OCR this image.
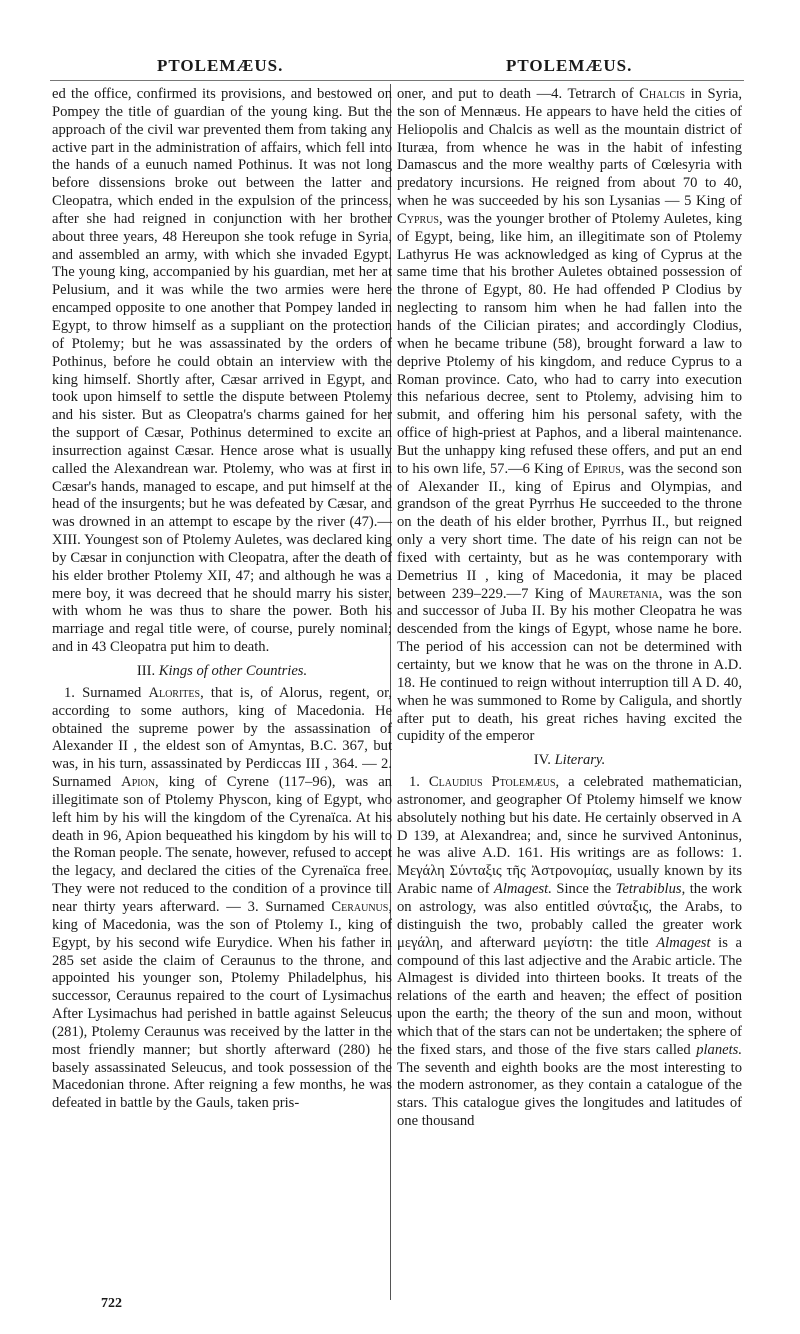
PTOLEMÆUS.	PTOLEMÆUS.

ed the office, confirmed its provisions, and bestowed on Pompey the title of guardian of the young king. But the approach of the civil war prevented them from taking any active part in the administration of affairs, which fell into the hands of a eunuch named Pothinus. It was not long before dissensions broke out between the latter and Cleopatra, which ended in the expulsion of the princess, after she had reigned in conjunction with her brother about three years, 48 Hereupon she took refuge in Syria, and assembled an army, with which she invaded Egypt. The young king, accompanied by his guardian, met her at Pelusium, and it was while the two armies were here encamped opposite to one another that Pompey landed in Egypt, to throw himself as a suppliant on the protection of Ptolemy; but he was assassinated by the orders of Pothinus, before he could obtain an interview with the king himself. Shortly after, Cæsar arrived in Egypt, and took upon himself to settle the dispute between Ptolemy and his sister. But as Cleopatra's charms gained for her the support of Cæsar, Pothinus determined to excite an insurrection against Cæsar. Hence arose what is usually called the Alexandrean war. Ptolemy, who was at first in Cæsar's hands, managed to escape, and put himself at the head of the insurgents; but he was defeated by Cæsar, and was drowned in an attempt to escape by the river (47).—XIII. Youngest son of Ptolemy Auletes, was declared king by Cæsar in conjunction with Cleopatra, after the death of his elder brother Ptolemy XII, 47; and although he was a mere boy, it was decreed that he should marry his sister, with whom he was thus to share the power. Both his marriage and regal title were, of course, purely nominal; and in 43 Cleopatra put him to death.

III. Kings of other Countries.

1. Surnamed Alorites, that is, of Alorus, regent, or, according to some authors, king of Macedonia. He obtained the supreme power by the assassination of Alexander II , the eldest son of Amyntas, B.C. 367, but was, in his turn, assassinated by Perdiccas III , 364. — 2. Surnamed Apion, king of Cyrene (117–96), was an illegitimate son of Ptolemy Physcon, king of Egypt, who left him by his will the kingdom of the Cyrenaïca. At his death in 96, Apion bequeathed his kingdom by his will to the Roman people. The senate, however, refused to accept the legacy, and declared the cities of the Cyrenaïca free. They were not reduced to the condition of a province till near thirty years afterward. — 3. Surnamed Ceraunus, king of Macedonia, was the son of Ptolemy I., king of Egypt, by his second wife Eurydice. When his father in 285 set aside the claim of Ceraunus to the throne, and appointed his younger son, Ptolemy Philadelphus, his successor, Ceraunus repaired to the court of Lysimachus After Lysimachus had perished in battle against Seleucus (281), Ptolemy Ceraunus was received by the latter in the most friendly manner; but shortly afterward (280) he basely assassinated Seleucus, and took possession of the Macedonian throne. After reigning a few months, he was defeated in battle by the Gauls, taken pris-

oner, and put to death —4. Tetrarch of Chalcis in Syria, the son of Mennæus. He appears to have held the cities of Heliopolis and Chalcis as well as the mountain district of Ituræa, from whence he was in the habit of infesting Damascus and the more wealthy parts of Cœlesyria with predatory incursions. He reigned from about 70 to 40, when he was succeeded by his son Lysanias — 5 King of Cyprus, was the younger brother of Ptolemy Auletes, king of Egypt, being, like him, an illegitimate son of Ptolemy Lathyrus He was acknowledged as king of Cyprus at the same time that his brother Auletes obtained possession of the throne of Egypt, 80. He had offended P Clodius by neglecting to ransom him when he had fallen into the hands of the Cilician pirates; and accordingly Clodius, when he became tribune (58), brought forward a law to deprive Ptolemy of his kingdom, and reduce Cyprus to a Roman province. Cato, who had to carry into execution this nefarious decree, sent to Ptolemy, advising him to submit, and offering him his personal safety, with the office of high-priest at Paphos, and a liberal maintenance. But the unhappy king refused these offers, and put an end to his own life, 57.—6 King of Epirus, was the second son of Alexander II., king of Epirus and Olympias, and grandson of the great Pyrrhus He succeeded to the throne on the death of his elder brother, Pyrrhus II., but reigned only a very short time. The date of his reign can not be fixed with certainty, but as he was contemporary with Demetrius II , king of Macedonia, it may be placed between 239–229.—7 King of Mauretania, was the son and successor of Juba II. By his mother Cleopatra he was descended from the kings of Egypt, whose name he bore. The period of his accession can not be determined with certainty, but we know that he was on the throne in A.D. 18. He continued to reign without interruption till A D. 40, when he was summoned to Rome by Caligula, and shortly after put to death, his great riches having excited the cupidity of the emperor

IV. Literary.

1. Claudius Ptolemæus, a celebrated mathematician, astronomer, and geographer Of Ptolemy himself we know absolutely nothing but his date. He certainly observed in A D 139, at Alexandrea; and, since he survived Antoninus, he was alive A.D. 161. His writings are as follows: 1. Μεγάλη Σύνταξις τῆς Ἀστρονομίας, usually known by its Arabic name of Almagest. Since the Tetrabiblus, the work on astrology, was also entitled σύνταξις, the Arabs, to distinguish the two, probably called the greater work μεγάλη, and afterward μεγίστη: the title Almagest is a compound of this last adjective and the Arabic article. The Almagest is divided into thirteen books. It treats of the relations of the earth and heaven; the effect of position upon the earth; the theory of the sun and moon, without which that of the stars can not be undertaken; the sphere of the fixed stars, and those of the five stars called planets. The seventh and eighth books are the most interesting to the modern astronomer, as they contain a catalogue of the stars. This catalogue gives the longitudes and latitudes of one thousand

722
